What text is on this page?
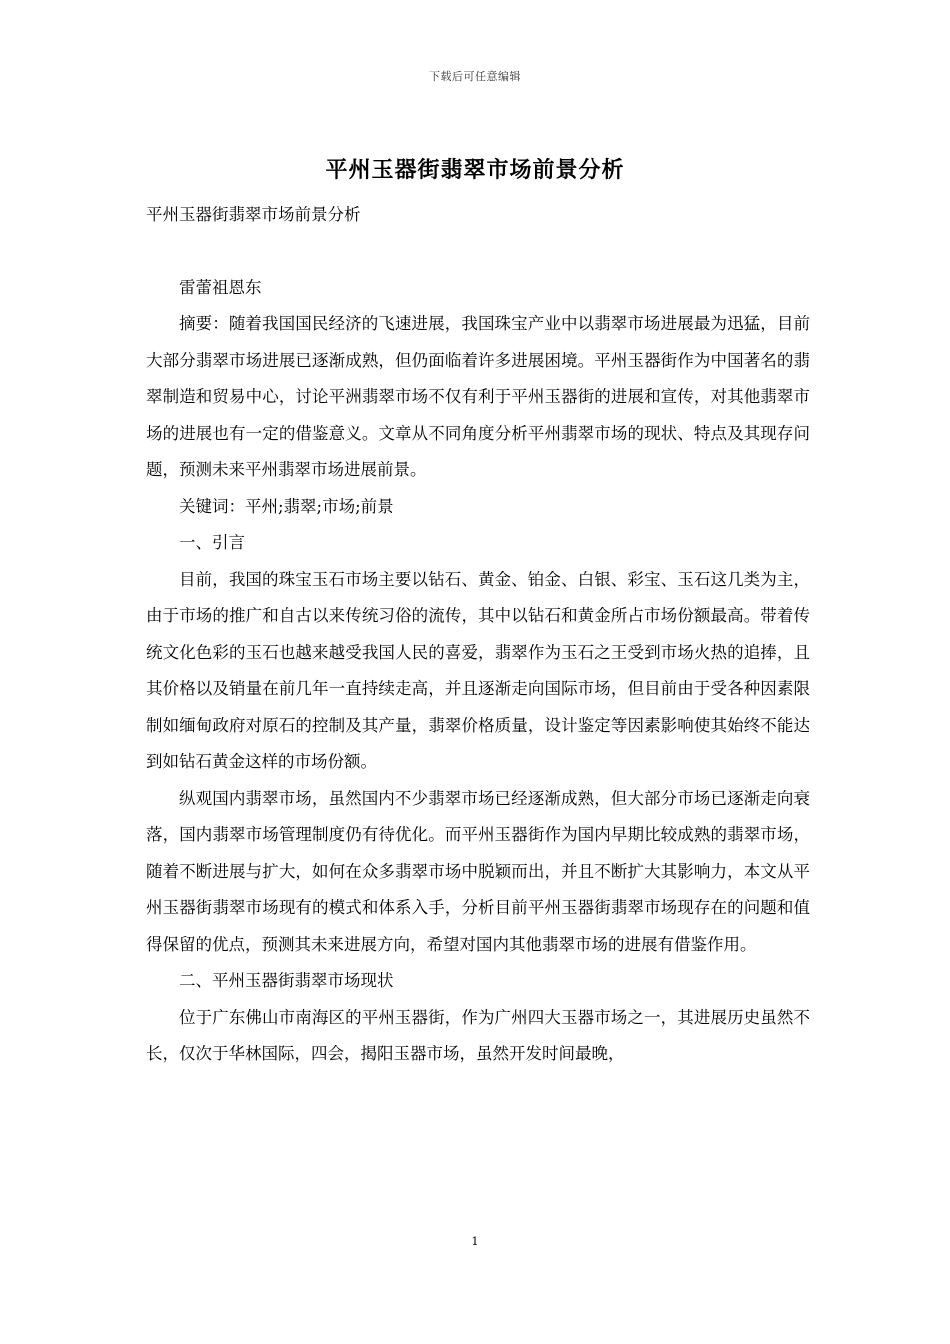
下载后可任意编辑
平州玉器街翡翠市场前景分析

平州玉器街翡翠市场前景分析

雷蕾祖恩东

摘要：随着我国国民经济的飞速进展，我国珠宝产业中以翡翠市场进展最为迅猛，目前大部分翡翠市场进展已逐渐成熟，但仍面临着许多进展困境。平州玉器街作为中国著名的翡翠制造和贸易中心，讨论平洲翡翠市场不仅有利于平州玉器街的进展和宣传，对其他翡翠市场的进展也有一定的借鉴意义。文章从不同角度分析平州翡翠市场的现状、特点及其现存问题，预测未来平州翡翠市场进展前景。

关键词：平州;翡翠;市场;前景

一、引言

目前，我国的珠宝玉石市场主要以钻石、黄金、铂金、白银、彩宝、玉石这几类为主，由于市场的推广和自古以来传统习俗的流传，其中以钻石和黄金所占市场份额最高。带着传统文化色彩的玉石也越来越受我国人民的喜爱，翡翠作为玉石之王受到市场火热的追捧，且其价格以及销量在前几年一直持续走高，并且逐渐走向国际市场，但目前由于受各种因素限制如缅甸政府对原石的控制及其产量，翡翠价格质量，设计鉴定等因素影响使其始终不能达到如钻石黄金这样的市场份额。

纵观国内翡翠市场，虽然国内不少翡翠市场已经逐渐成熟，但大部分市场已逐渐走向衰落，国内翡翠市场管理制度仍有待优化。而平州玉器街作为国内早期比较成熟的翡翠市场，随着不断进展与扩大，如何在众多翡翠市场中脱颖而出，并且不断扩大其影响力，本文从平州玉器街翡翠市场现有的模式和体系入手，分析目前平州玉器街翡翠市场现存在的问题和值得保留的优点，预测其未来进展方向，希望对国内其他翡翠市场的进展有借鉴作用。

二、平州玉器街翡翠市场现状

位于广东佛山市南海区的平州玉器街，作为广州四大玉器市场之一，其进展历史虽然不长，仅次于华林国际，四会，揭阳玉器市场，虽然开发时间最晚，

1
